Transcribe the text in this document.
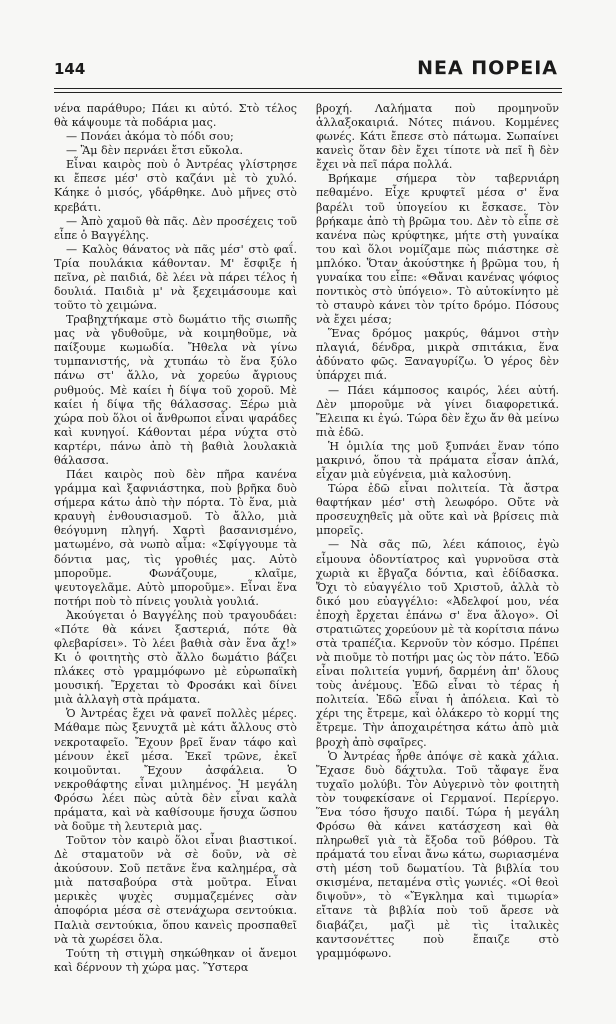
144	ΝΕΑ ΠΟΡΕΙΑ

νένα παράθυρο; Πάει κι αὐτό. Στὸ τέλος θὰ κάψουμε τὰ ποδάρια μας.

— Πονάει ἀκόμα τὸ πόδι σου;

— Ἂμ δὲν περνάει ἔτσι εὔκολα.

Εἶναι καιρὸς ποὺ ὁ Ἀντρέας γλίστρησε κι ἔπεσε μέσ' στὸ καζάνι μὲ τὸ χυλό. Κάηκε ὁ μισός, γδάρθηκε. Δυὸ μῆνες στὸ κρεβάτι.

— Ἀπὸ χαμοῦ θὰ πᾶς. Δὲν προσέχεις τοῦ εἶπε ὁ Βαγγέλης.

— Καλὸς θάνατος νὰ πᾶς μέσ' στὸ φαΐ. Τρία πουλάκια κάθονταν. Μ' ἔσφιξε ἡ πεῖνα, ρὲ παιδιά, δὲ λέει νὰ πάρει τέλος ἡ δουλιά. Παιδιὰ μ' νὰ ξεχειμάσουμε καὶ τοῦτο τὸ χειμώνα.

Τραβηχτήκαμε στὸ δωμάτιο τῆς σιωπῆς μας νὰ γδυθοῦμε, νὰ κοιμηθοῦμε, νὰ παίξουμε κωμωδία. Ἤθελα νὰ γίνω τυμπανιστής, νὰ χτυπάω τὸ ἕνα ξύλο πάνω στ' ἄλλο, νὰ χορεύω ἄγριους ρυθμούς. Μὲ καίει ἡ δίψα τοῦ χοροῦ. Μὲ καίει ἡ δίψα τῆς θάλασσας. Ξέρω μιὰ χώρα ποὺ ὅλοι οἱ ἄνθρωποι εἶναι ψαράδες καὶ κυνηγοί. Κάθονται μέρα νύχτα στὸ καρτέρι, πάνω ἀπὸ τὴ βαθιὰ λουλακιὰ θάλασσα.

Πάει καιρὸς ποὺ δὲν πῆρα κανένα γράμμα καὶ ξαφνιάστηκα, ποὺ βρῆκα δυὸ σήμερα κάτω ἀπὸ τὴν πόρτα. Τὸ ἕνα, μιὰ κραυγὴ ἐνθουσιασμοῦ. Τὸ ἄλλο, μιὰ θεόγυμνη πληγή. Χαρτὶ βασανισμένο, ματωμένο, σὰ νωπὸ αἷμα: «Σφίγγουμε τὰ δόντια μας, τὶς γροθιές μας. Αὐτὸ μποροῦμε. Φωνάζουμε, κλαῖμε, ψευτογελᾶμε. Αὐτὸ μποροῦμε». Εἶναι ἕνα ποτήρι ποὺ τὸ πίνεις γουλιὰ γουλιά.

Ἀκούγεται ὁ Βαγγέλης ποὺ τραγουδάει: «Πότε θὰ κάνει ξαστεριά, πότε θὰ φλεβαρίσει». Τὸ λέει βαθιὰ σὰν ἕνα ἄχ!» Κι ὁ φοιτητὴς στὸ ἄλλο δωμάτιο βάζει πλάκες στὸ γραμμόφωνο μὲ εὐρωπαϊκὴ μουσική. Ἔρχεται τὸ Φροσάκι καὶ δίνει μιὰ ἀλλαγὴ στὰ πράματα.

Ὁ Ἀντρέας ἔχει νὰ φανεῖ πολλὲς μέρες. Μάθαμε πὼς ξενυχτᾶ μὲ κάτι ἄλλους στὸ νεκροταφεῖο. Ἔχουν βρεῖ ἕναν τάφο καὶ μένουν ἐκεῖ μέσα. Ἐκεῖ τρῶνε, ἐκεῖ κοιμοῦνται. Ἔχουν ἀσφάλεια. Ὁ νεκροθάφτης εἶναι μιλημένος. Ἡ μεγάλη Φρόσω λέει πὼς αὐτὰ δὲν εἶναι καλὰ πράματα, καὶ νὰ καθίσουμε ἥσυχα ὥσπου νὰ δοῦμε τὴ λευτεριὰ μας.

Τοῦτον τὸν καιρὸ ὅλοι εἶναι βιαστικοί. Δὲ σταματοῦν νὰ σὲ δοῦν, νὰ σὲ ἀκούσουν. Σοῦ πετᾶνε ἕνα καλημέρα, σὰ μιὰ πατσαβούρα στὰ μοῦτρα. Εἶναι μερικὲς ψυχὲς συμμαζεμένες σὰν ἀποφόρια μέσα σὲ στενάχωρα σεντούκια. Παλιὰ σεντούκια, ὅπου κανεὶς προσπαθεῖ νὰ τὰ χωρέσει ὅλα.

Τούτη τὴ στιγμὴ σηκώθηκαν οἱ ἄνεμοι καὶ δέρνουν τὴ χώρα μας. Ὕστερα

βροχή. Λαλήματα ποὺ προμηνοῦν ἀλλαξοκαιριά. Νότες πιάνου. Κομμένες φωνές. Κάτι ἔπεσε στὸ πάτωμα. Σωπαίνει κανεὶς ὅταν δὲν ἔχει τίποτε νὰ πεῖ ἢ δὲν ἔχει νὰ πεῖ πάρα πολλά.

Βρήκαμε σήμερα τὸν ταβερνιάρη πεθαμένο. Εἶχε κρυφτεῖ μέσα σ' ἕνα βαρέλι τοῦ ὑπογείου κι ἔσκασε. Τὸν βρήκαμε ἀπὸ τὴ βρῶμα του. Δὲν τὸ εἶπε σὲ κανένα πὼς κρύφτηκε, μήτε στὴ γυναίκα του καὶ ὅλοι νομίζαμε πὼς πιάστηκε σὲ μπλόκο. Ὅταν ἀκούστηκε ἡ βρῶμα του, ἡ γυναίκα του εἶπε: «Θἄναι κανένας ψόφιος ποντικὸς στὸ ὑπόγειο». Τὸ αὐτοκίνητο μὲ τὸ σταυρὸ κάνει τὸν τρίτο δρόμο. Πόσους νὰ ἔχει μέσα;

Ἕνας δρόμος μακρύς, θάμνοι στὴν πλαγιά, δένδρα, μικρὰ σπιτάκια, ἕνα ἀδύνατο φῶς. Ξαναγυρίζω. Ὁ γέρος δὲν ὑπάρχει πιά.

— Πάει κάμποσος καιρός, λέει αὐτή. Δὲν μποροῦμε νὰ γίνει διαφορετικά. Ἔλειπα κι ἐγώ. Τώρα δὲν ἔχω ἄν θὰ μείνω πιὰ ἐδῶ.

Ἡ ὁμιλία της μοῦ ξυπνάει ἕναν τόπο μακρινό, ὅπου τὰ πράματα εἶσαν ἁπλά, εἶχαν μιὰ εὐγένεια, μιὰ καλοσύνη.

Τώρα ἐδῶ εἶναι πολιτεία. Τὰ ἄστρα θαφτήκαν μέσ' στὴ λεωφόρο. Οὔτε νὰ προσευχηθεῖς μὰ οὔτε καὶ νὰ βρίσεις πιὰ μπορεῖς.

— Νὰ σᾶς πῶ, λέει κάποιος, ἐγὼ εἶμουνα ὀδοντίατρος καὶ γυρνοῦσα στὰ χωριὰ κι ἔβγαζα δόντια, καὶ ἐδίδασκα. Ὄχι τὸ εὐαγγέλιο τοῦ Χριστοῦ, ἀλλὰ τὸ δικό μου εὐαγγέλιο: «Ἀδελφοί μου, νέα ἐποχὴ ἔρχεται ἐπάνω σ' ἕνα ἄλογο». Οἱ στρατιῶτες χορεύουν μὲ τὰ κορίτσια πάνω στὰ τραπέζια. Κερνοῦν τὸν κόσμο. Πρέπει νὰ πιοῦμε τὸ ποτήρι μας ὡς τὸν πάτο. Ἐδῶ εἶναι πολιτεία γυμνή, δαρμένη ἀπ' ὅλους τοὺς ἀνέμους. Ἐδῶ εἶναι τὸ τέρας ἡ πολιτεία. Ἐδῶ εἶναι ἡ ἀπόλεια. Καὶ τὸ χέρι της ἔτρεμε, καὶ ὀλάκερο τὸ κορμί της ἔτρεμε. Τὴν ἀποχαιρέτησα κάτω ἀπὸ μιὰ βροχὴ ἀπὸ σφαῖρες.

Ὁ Ἀντρέας ἦρθε ἀπόψε σὲ κακὰ χάλια. Ἔχασε δυὸ δάχτυλα. Τοῦ τἄφαγε ἕνα τυχαῖο μολύβι. Τὸν Αὐγερινὸ τὸν φοιτητὴ τὸν τουφεκίσανε οἱ Γερμανοί. Περίεργο. Ἕνα τόσο ἥσυχο παιδί. Τώρα ἡ μεγάλη Φρόσω θὰ κάνει κατάσχεση καὶ θὰ πληρωθεῖ γιὰ τὰ ἔξοδα τοῦ βόθρου. Τὰ πράματά του εἶναι ἄνω κάτω, σωριασμένα στὴ μέση τοῦ δωματίου. Τὰ βιβλία του σκισμένα, πεταμένα στὶς γωνιές. «Οἱ θεοὶ διψοῦν», τὸ «Ἔγκλημα καὶ τιμωρία» εἴτανε τὰ βιβλία ποὺ τοῦ ἄρεσε νὰ διαβάζει, μαζὶ μὲ τὶς ἰταλικὲς καντσονέττες ποὺ ἔπαιζε στὸ γραμμόφωνο.
